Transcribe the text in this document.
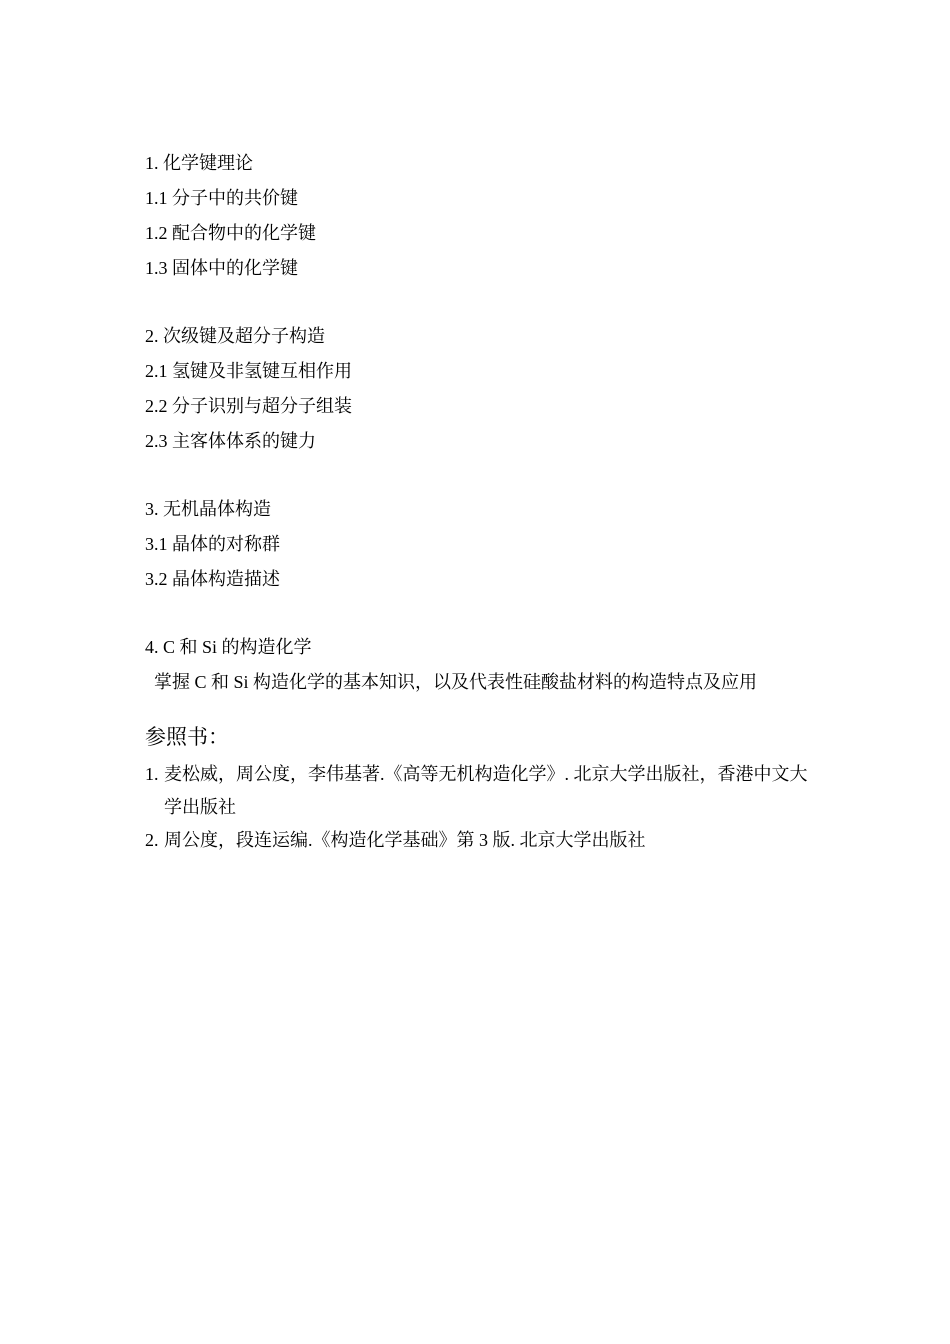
1. 化学键理论
1.1 分子中的共价键
1.2 配合物中的化学键
1.3 固体中的化学键
2. 次级键及超分子构造
2.1 氢键及非氢键互相作用
2.2 分子识别与超分子组装
2.3 主客体体系的键力
3. 无机晶体构造
3.1 晶体的对称群
3.2 晶体构造描述
4. C 和 Si 的构造化学
掌握 C 和 Si 构造化学的基本知识，以及代表性硅酸盐材料的构造特点及应用
参照书：
1. 麦松威，周公度，李伟基著.《高等无机构造化学》. 北京大学出版社，香港中文大学出版社
2. 周公度，段连运编.《构造化学基础》第 3 版. 北京大学出版社
